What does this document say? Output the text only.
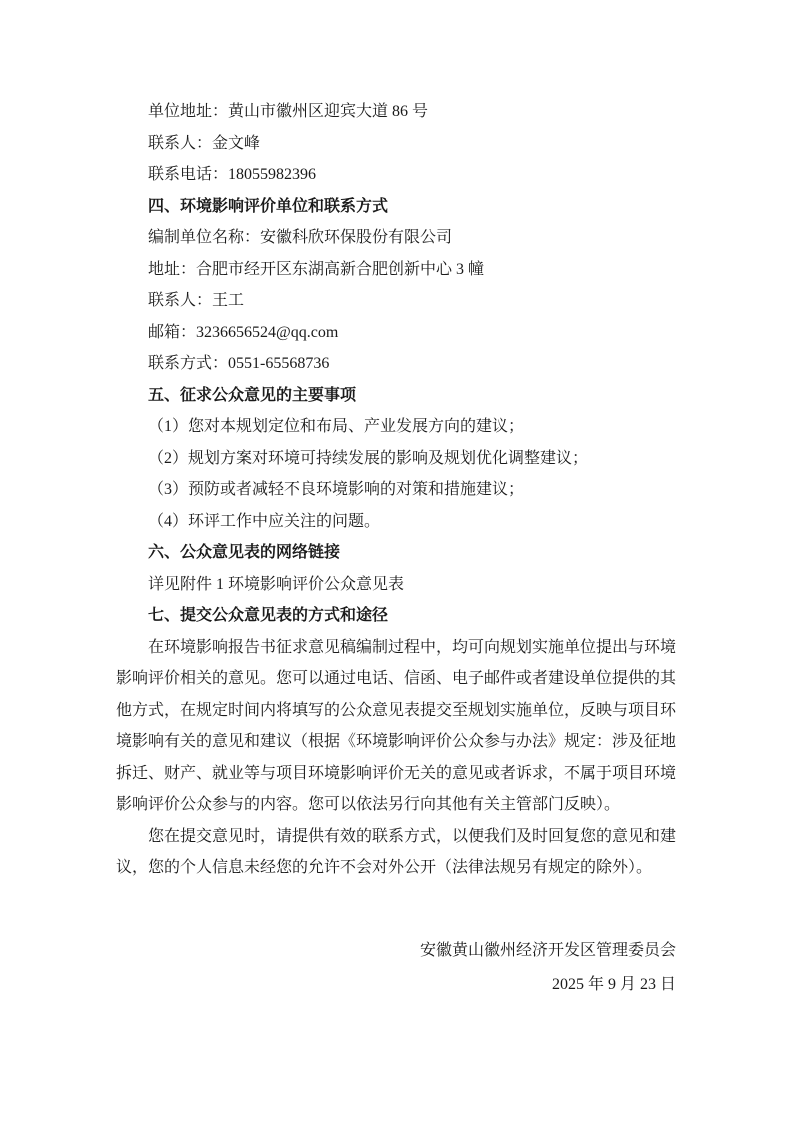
单位地址：黄山市徽州区迎宾大道 86 号

联系人：金文峰

联系电话：18055982396

四、环境影响评价单位和联系方式

编制单位名称：安徽科欣环保股份有限公司

地址：合肥市经开区东湖高新合肥创新中心 3 幢

联系人：王工

邮箱：3236656524@qq.com

联系方式：0551-65568736

五、征求公众意见的主要事项

（1）您对本规划定位和布局、产业发展方向的建议；

（2）规划方案对环境可持续发展的影响及规划优化调整建议；

（3）预防或者减轻不良环境影响的对策和措施建议；

（4）环评工作中应关注的问题。

六、公众意见表的网络链接

详见附件 1 环境影响评价公众意见表

七、提交公众意见表的方式和途径

在环境影响报告书征求意见稿编制过程中，均可向规划实施单位提出与环境影响评价相关的意见。您可以通过电话、信函、电子邮件或者建设单位提供的其他方式，在规定时间内将填写的公众意见表提交至规划实施单位，反映与项目环境影响有关的意见和建议（根据《环境影响评价公众参与办法》规定：涉及征地拆迁、财产、就业等与项目环境影响评价无关的意见或者诉求，不属于项目环境影响评价公众参与的内容。您可以依法另行向其他有关主管部门反映）。

您在提交意见时，请提供有效的联系方式，以便我们及时回复您的意见和建议，您的个人信息未经您的允许不会对外公开（法律法规另有规定的除外）。

安徽黄山徽州经济开发区管理委员会

2025 年 9 月 23 日
